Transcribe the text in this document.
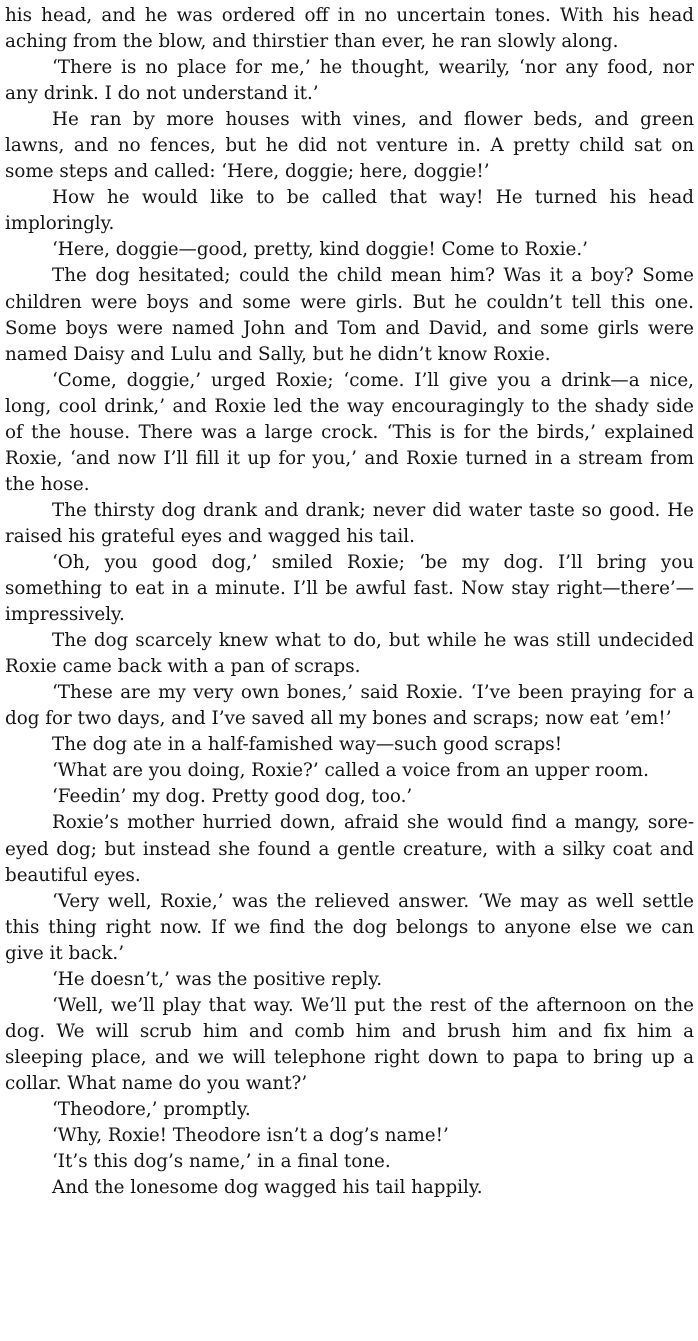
his head, and he was ordered off in no uncertain tones. With his head aching from the blow, and thirstier than ever, he ran slowly along.

‘There is no place for me,’ he thought, wearily, ‘nor any food, nor any drink. I do not understand it.’

He ran by more houses with vines, and flower beds, and green lawns, and no fences, but he did not venture in. A pretty child sat on some steps and called: ‘Here, doggie; here, doggie!’

How he would like to be called that way! He turned his head imploringly.

‘Here, doggie—good, pretty, kind doggie! Come to Roxie.’

The dog hesitated; could the child mean him? Was it a boy? Some children were boys and some were girls. But he couldn’t tell this one. Some boys were named John and Tom and David, and some girls were named Daisy and Lulu and Sally, but he didn’t know Roxie.

‘Come, doggie,’ urged Roxie; ‘come. I’ll give you a drink—a nice, long, cool drink,’ and Roxie led the way encouragingly to the shady side of the house. There was a large crock. ‘This is for the birds,’ explained Roxie, ‘and now I’ll fill it up for you,’ and Roxie turned in a stream from the hose.

The thirsty dog drank and drank; never did water taste so good. He raised his grateful eyes and wagged his tail.

‘Oh, you good dog,’ smiled Roxie; ‘be my dog. I’ll bring you something to eat in a minute. I’ll be awful fast. Now stay right—there’—impressively.

The dog scarcely knew what to do, but while he was still undecided Roxie came back with a pan of scraps.

‘These are my very own bones,’ said Roxie. ‘I’ve been praying for a dog for two days, and I’ve saved all my bones and scraps; now eat ’em!’

The dog ate in a half-famished way—such good scraps!

‘What are you doing, Roxie?’ called a voice from an upper room.

‘Feedin’ my dog. Pretty good dog, too.’

Roxie’s mother hurried down, afraid she would find a mangy, sore-eyed dog; but instead she found a gentle creature, with a silky coat and beautiful eyes.

‘Very well, Roxie,’ was the relieved answer. ‘We may as well settle this thing right now. If we find the dog belongs to anyone else we can give it back.’

‘He doesn’t,’ was the positive reply.

‘Well, we’ll play that way. We’ll put the rest of the afternoon on the dog. We will scrub him and comb him and brush him and fix him a sleeping place, and we will telephone right down to papa to bring up a collar. What name do you want?’

‘Theodore,’ promptly.

‘Why, Roxie! Theodore isn’t a dog’s name!’

‘It’s this dog’s name,’ in a final tone.

And the lonesome dog wagged his tail happily.
